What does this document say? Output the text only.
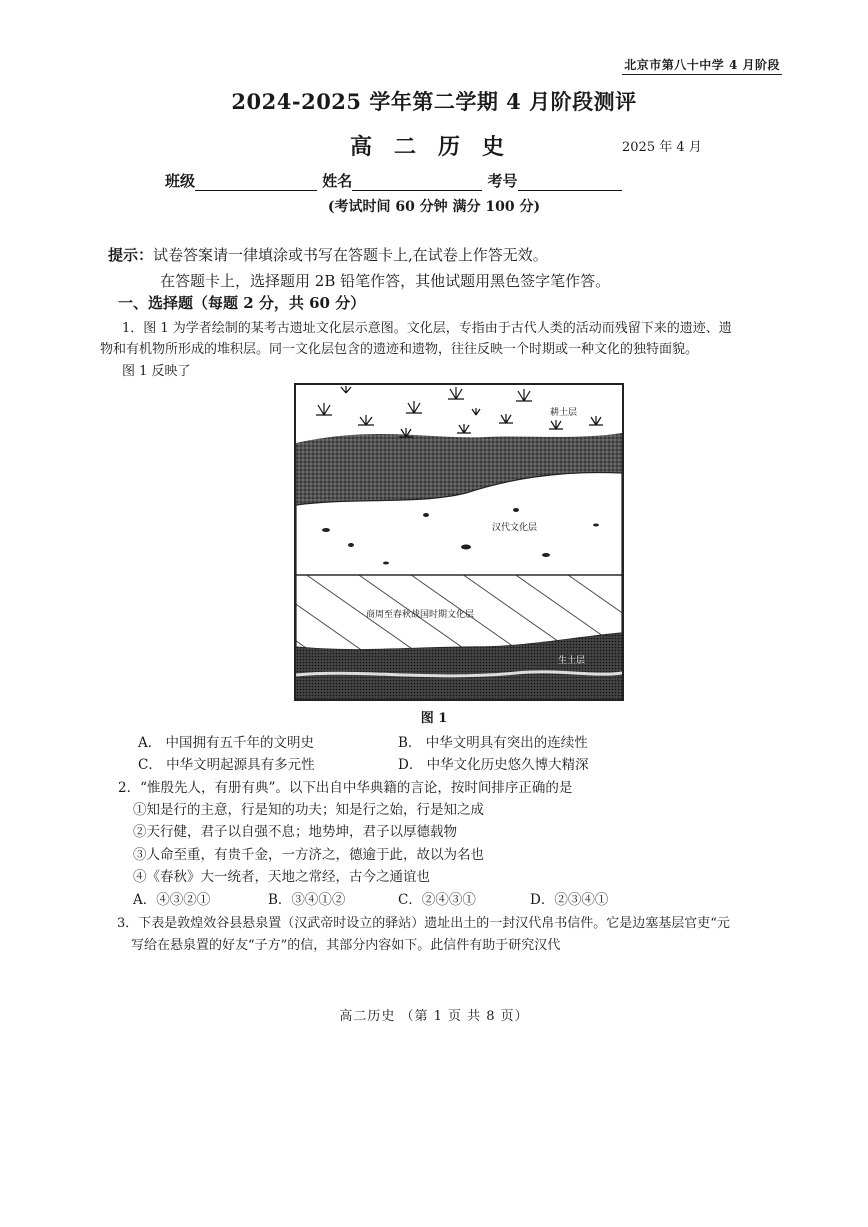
北京市第八十中学 4 月阶段
2024-2025 学年第二学期 4 月阶段测评
高二历史	2025 年 4 月
班级	姓名	考号
(考试时间 60 分钟 满分 100 分)
提示：试卷答案请一律填涂或书写在答题卡上,在试卷上作答无效。
在答题卡上，选择题用 2B 铅笔作答，其他试题用黑色签字笔作答。
一、选择题（每题 2 分，共 60 分）
1．图 1 为学者绘制的某考古遗址文化层示意图。文化层，专指由于古代人类的活动而残留下来的遗迹、遗
物和有机物所形成的堆积层。同一文化层包含的遗迹和遗物，往往反映一个时期或一种文化的独特面貌。
图 1 反映了
耕土层
汉代文化层
商周至春秋战国时期文化层
生土层
图 1
A． 中国拥有五千年的文明史	B． 中华文明具有突出的连续性
C． 中华文明起源具有多元性	D． 中华文化历史悠久博大精深
2．“惟殷先人，有册有典”。以下出自中华典籍的言论，按时间排序正确的是
①知是行的主意，行是知的功夫；知是行之始，行是知之成
②天行健，君子以自强不息；地势坤，君子以厚德载物
③人命至重，有贵千金，一方济之，德逾于此，故以为名也
④《春秋》大一统者，天地之常经，古今之通谊也
A．④③②①	B．③④①②	C．②④③①	D．②③④①
3．下表是敦煌效谷县悬泉置（汉武帝时设立的驿站）遗址出土的一封汉代帛书信件。它是边塞基层官吏“元
写给在悬泉置的好友“子方”的信，其部分内容如下。此信件有助于研究汉代
高二历史 （第 1 页 共 8 页）
